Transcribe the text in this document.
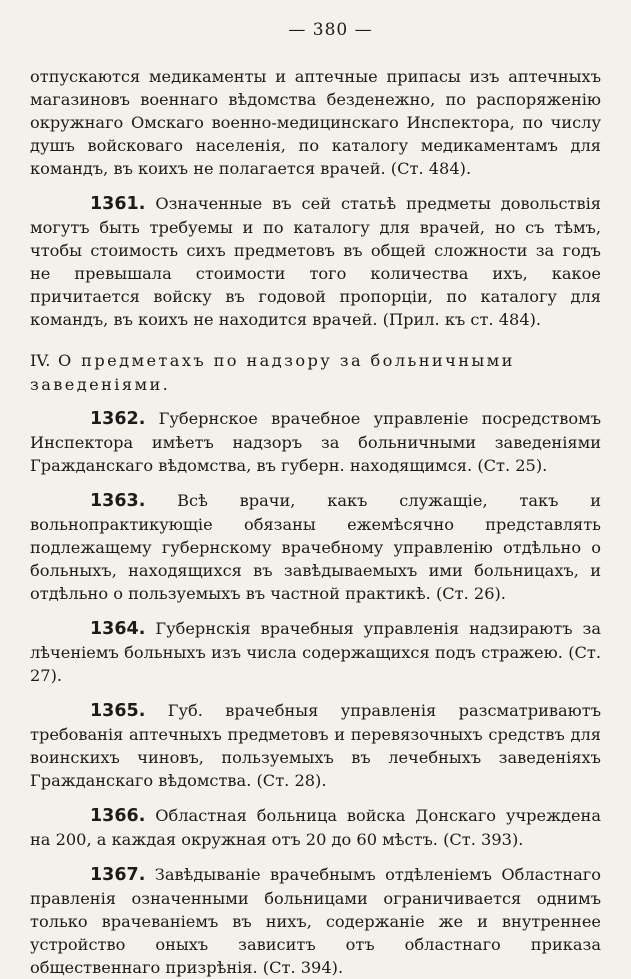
— 380 —

отпускаются медикаменты и аптечные припасы изъ аптечныхъ магазиновъ военнаго вѣдомства безденежно, по распоряженію окружнаго Омскаго военно-медицинскаго Инспектора, по числу душъ войсковаго населенія, по каталогу медикаментамъ для командъ, въ коихъ не полагается врачей. (Ст. 484).

1361. Означенные въ сей статьѣ предметы довольствія могутъ быть требуемы и по каталогу для врачей, но съ тѣмъ, чтобы стоимость сихъ предметовъ въ общей сложности за годъ не превышала стоимости того количества ихъ, какое причитается войску въ годовой пропорціи, по каталогу для командъ, въ коихъ не находится врачей. (Прил. къ ст. 484).

IV. О предметахъ по надзору за больничными заведеніями.

1362. Губернское врачебное управленіе посредствомъ Инспектора имѣетъ надзоръ за больничными заведеніями Гражданскаго вѣдомства, въ губерн. находящимся. (Ст. 25).

1363. Всѣ врачи, какъ служащіе, такъ и вольнопрактикующіе обязаны ежемѣсячно представлять подлежащему губернскому врачебному управленію отдѣльно о больныхъ, находящихся въ завѣдываемыхъ ими больницахъ, и отдѣльно о пользуемыхъ въ частной практикѣ. (Ст. 26).

1364. Губернскія врачебныя управленія надзираютъ за лѣченіемъ больныхъ изъ числа содержащихся подъ стражею. (Ст. 27).

1365. Губ. врачебныя управленія разсматриваютъ требованія аптечныхъ предметовъ и перевязочныхъ средствъ для воинскихъ чиновъ, пользуемыхъ въ лечебныхъ заведеніяхъ Гражданскаго вѣдомства. (Ст. 28).

1366. Областная больница войска Донскаго учреждена на 200, а каждая окружная отъ 20 до 60 мѣстъ. (Ст. 393).

1367. Завѣдываніе врачебнымъ отдѣленіемъ Областнаго правленія означенными больницами ограничивается однимъ только врачеваніемъ въ нихъ, содержаніе же и внутреннее устройство оныхъ зависитъ отъ областнаго приказа общественнаго призрѣнія. (Ст. 394).
